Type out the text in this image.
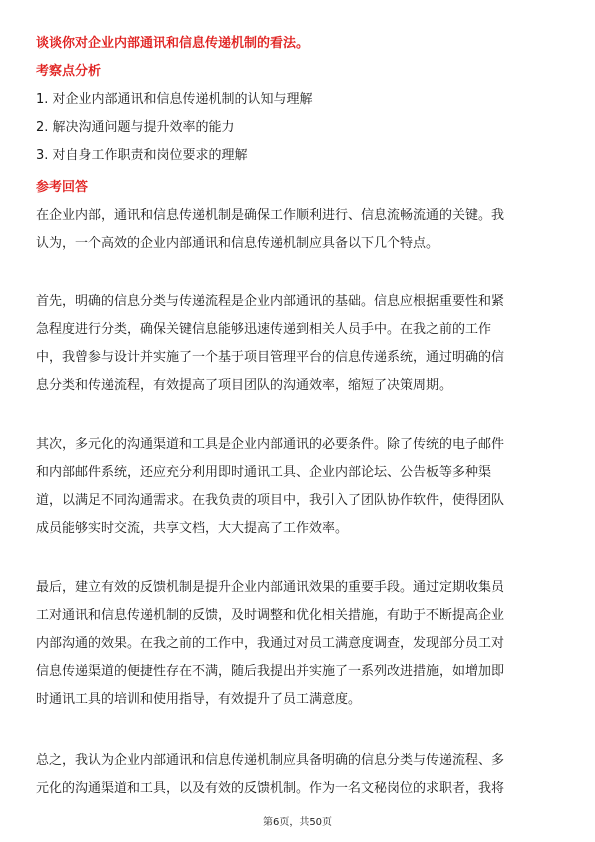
谈谈你对企业内部通讯和信息传递机制的看法。
考察点分析
1. 对企业内部通讯和信息传递机制的认知与理解
2. 解决沟通问题与提升效率的能力
3. 对自身工作职责和岗位要求的理解
参考回答
在企业内部，通讯和信息传递机制是确保工作顺利进行、信息流畅流通的关键。我
认为，一个高效的企业内部通讯和信息传递机制应具备以下几个特点。
首先，明确的信息分类与传递流程是企业内部通讯的基础。信息应根据重要性和紧
急程度进行分类，确保关键信息能够迅速传递到相关人员手中。在我之前的工作
中，我曾参与设计并实施了一个基于项目管理平台的信息传递系统，通过明确的信
息分类和传递流程，有效提高了项目团队的沟通效率，缩短了决策周期。
其次，多元化的沟通渠道和工具是企业内部通讯的必要条件。除了传统的电子邮件
和内部邮件系统，还应充分利用即时通讯工具、企业内部论坛、公告板等多种渠
道，以满足不同沟通需求。在我负责的项目中，我引入了团队协作软件，使得团队
成员能够实时交流，共享文档，大大提高了工作效率。
最后，建立有效的反馈机制是提升企业内部通讯效果的重要手段。通过定期收集员
工对通讯和信息传递机制的反馈，及时调整和优化相关措施，有助于不断提高企业
内部沟通的效果。在我之前的工作中，我通过对员工满意度调查，发现部分员工对
信息传递渠道的便捷性存在不满，随后我提出并实施了一系列改进措施，如增加即
时通讯工具的培训和使用指导，有效提升了员工满意度。
总之，我认为企业内部通讯和信息传递机制应具备明确的信息分类与传递流程、多
元化的沟通渠道和工具，以及有效的反馈机制。作为一名文秘岗位的求职者，我将
第6页，共50页
